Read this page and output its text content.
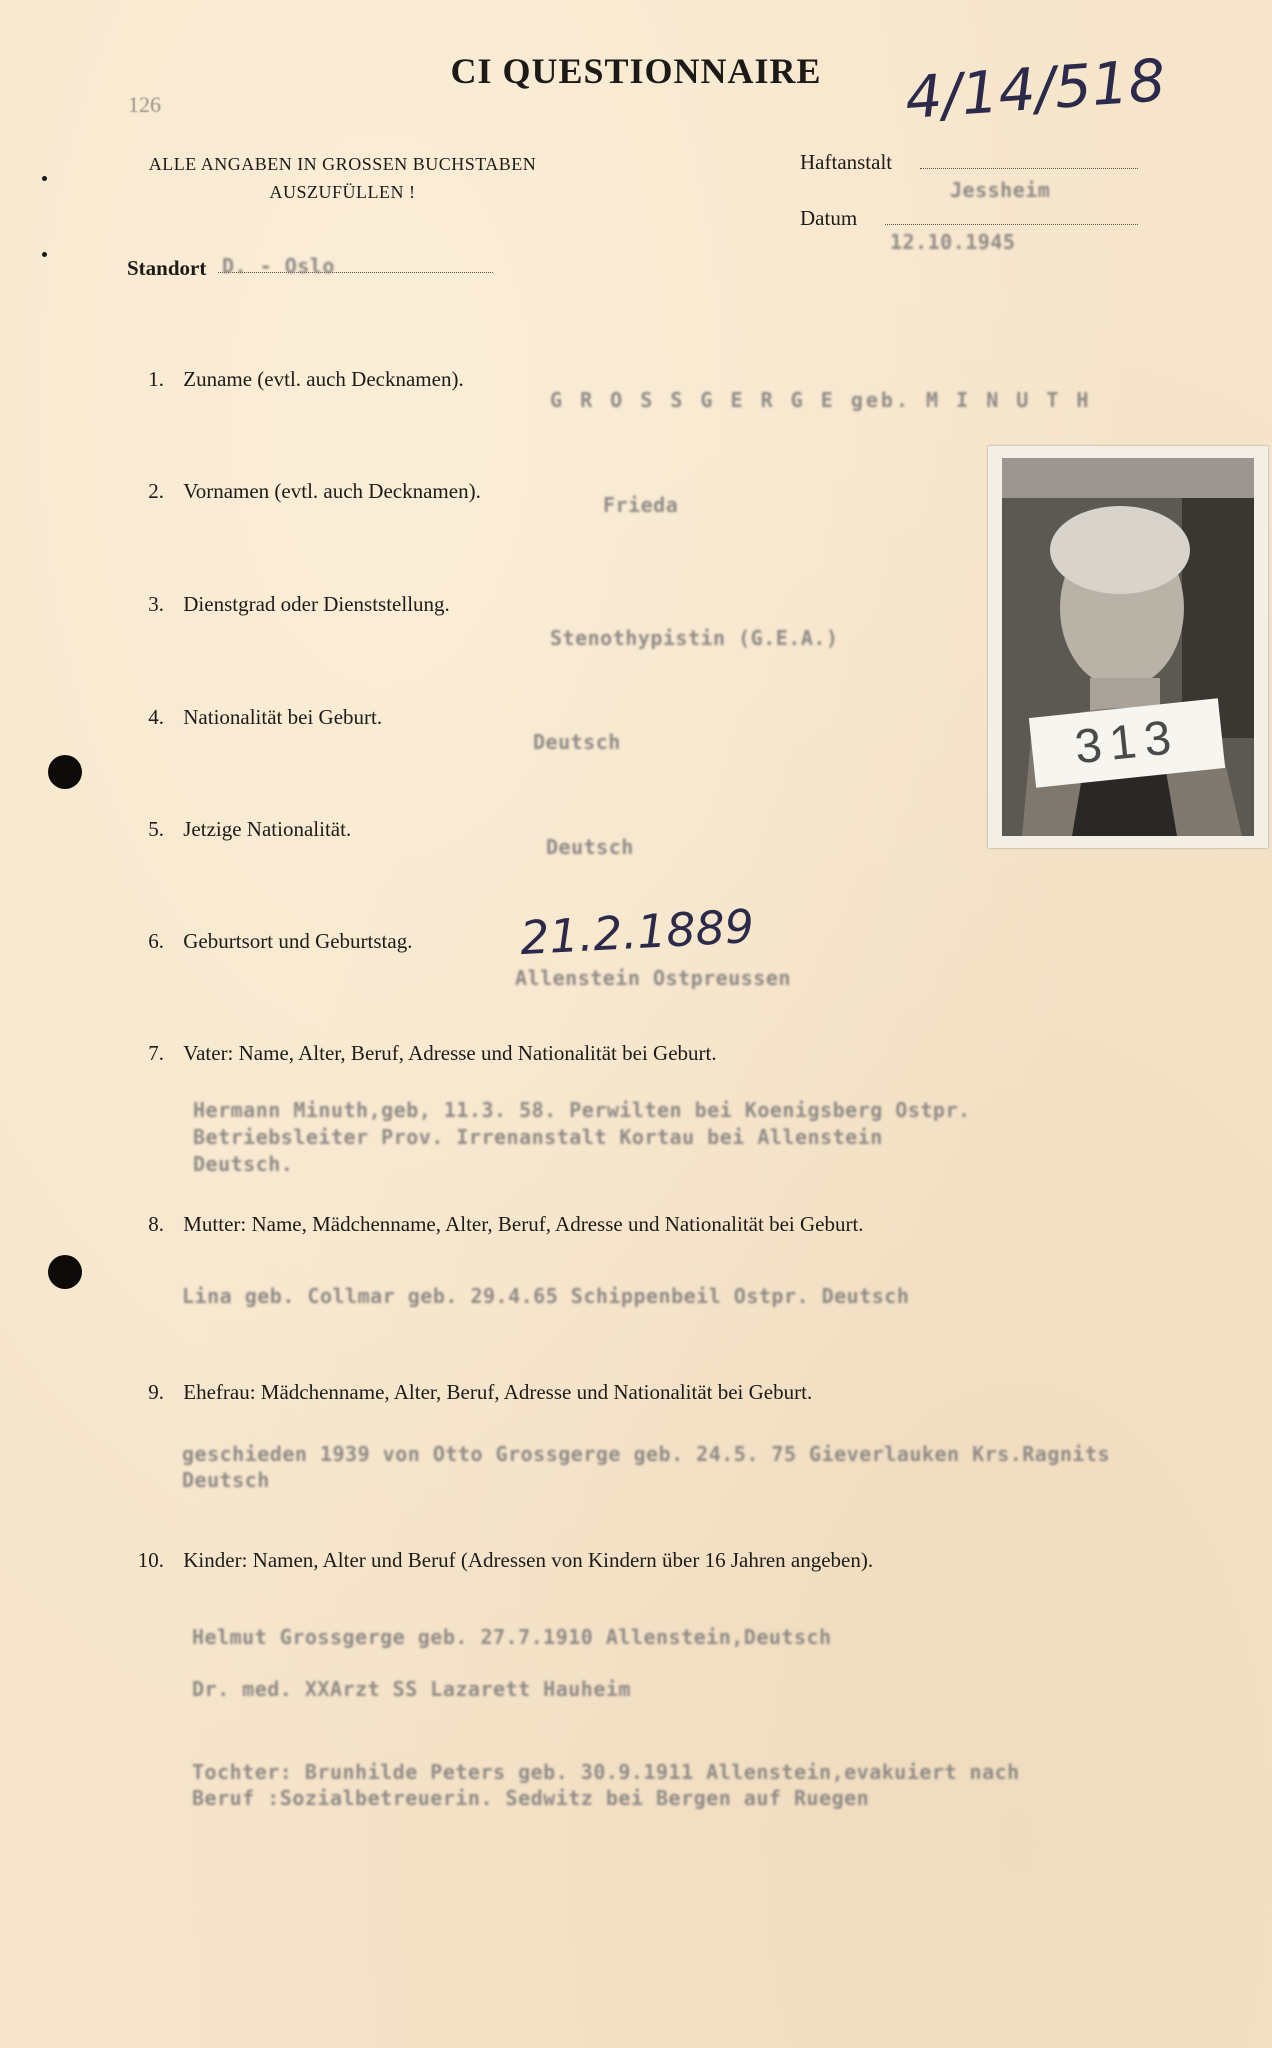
126
CI QUESTIONNAIRE	4/14/518
ALLE ANGABEN IN GROSSEN BUCHSTABEN
AUSZUFÜLLEN !
Haftanstalt
Jessheim
Datum
12.10.1945
Standort D. - Oslo
1. Zuname (evtl. auch Decknamen).
G R O S S G E R G E geb. M I N U T H
2. Vornamen (evtl. auch Decknamen).
Frieda
3. Dienstgrad oder Dienststellung.
Stenothypistin (G.E.A.)
4. Nationalität bei Geburt.
Deutsch
5. Jetzige Nationalität.
Deutsch
6. Geburtsort und Geburtstag. 21.2.1889
Allenstein Ostpreussen
7. Vater: Name, Alter, Beruf, Adresse und Nationalität bei Geburt.
Hermann Minuth,geb, 11.3. 58. Perwilten bei Koenigsberg Ostpr.
Betriebsleiter Prov. Irrenanstalt Kortau bei Allenstein
Deutsch.
8. Mutter: Name, Mädchenname, Alter, Beruf, Adresse und Nationalität bei Geburt.
Lina geb. Collmar geb. 29.4.65 Schippenbeil Ostpr. Deutsch
9. Ehefrau: Mädchenname, Alter, Beruf, Adresse und Nationalität bei Geburt.
geschieden 1939 von Otto Grossgerge geb. 24.5. 75 Gieverlauken Krs.Ragnits
Deutsch
10. Kinder: Namen, Alter und Beruf (Adressen von Kindern über 16 Jahren angeben).
Helmut Grossgerge geb. 27.7.1910 Allenstein,Deutsch
Dr. med. XXArzt SS Lazarett Hauheim
Tochter: Brunhilde Peters geb. 30.9.1911 Allenstein,evakuiert nach
Beruf :Sozialbetreuerin. Sedwitz bei Bergen auf Ruegen
313
